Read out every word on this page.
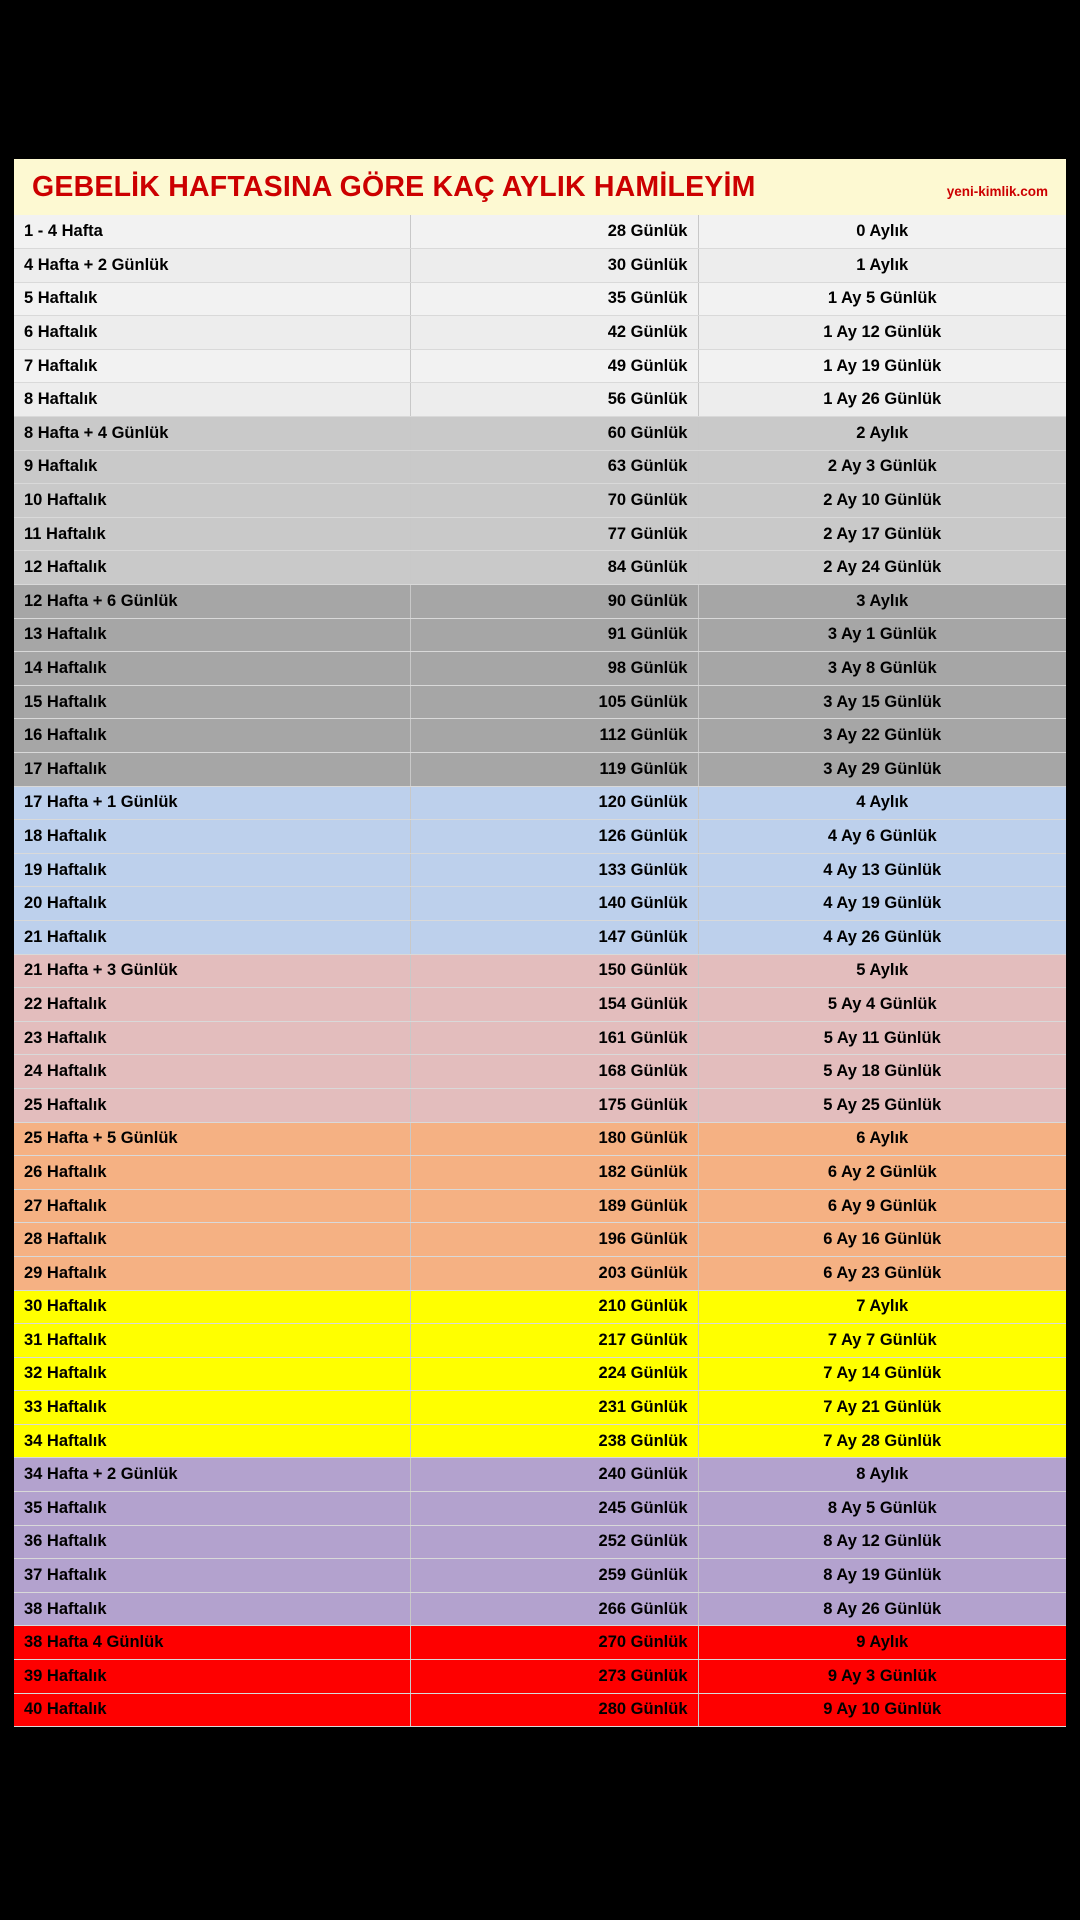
GEBELİK HAFTASINA GÖRE KAÇ AYLIK HAMİLEYİM	yeni-kimlik.com
1 - 4 Hafta	28 Günlük	0 Aylık
4 Hafta + 2 Günlük	30 Günlük	1 Aylık
5 Haftalık	35 Günlük	1 Ay 5 Günlük
6 Haftalık	42 Günlük	1 Ay 12 Günlük
7 Haftalık	49 Günlük	1 Ay 19 Günlük
8 Haftalık	56 Günlük	1 Ay 26 Günlük
8 Hafta + 4 Günlük	60 Günlük	2 Aylık
9 Haftalık	63 Günlük	2 Ay 3 Günlük
10 Haftalık	70 Günlük	2 Ay 10 Günlük
11 Haftalık	77 Günlük	2 Ay 17 Günlük
12 Haftalık	84 Günlük	2 Ay 24 Günlük
12 Hafta + 6 Günlük	90 Günlük	3 Aylık
13 Haftalık	91 Günlük	3 Ay 1 Günlük
14 Haftalık	98 Günlük	3 Ay 8 Günlük
15 Haftalık	105 Günlük	3 Ay 15 Günlük
16 Haftalık	112 Günlük	3 Ay 22 Günlük
17 Haftalık	119 Günlük	3 Ay 29 Günlük
17 Hafta + 1 Günlük	120 Günlük	4 Aylık
18 Haftalık	126 Günlük	4 Ay 6 Günlük
19 Haftalık	133 Günlük	4 Ay 13 Günlük
20 Haftalık	140 Günlük	4 Ay 19 Günlük
21 Haftalık	147 Günlük	4 Ay 26 Günlük
21 Hafta + 3 Günlük	150 Günlük	5 Aylık
22 Haftalık	154 Günlük	5 Ay 4 Günlük
23 Haftalık	161 Günlük	5 Ay 11 Günlük
24 Haftalık	168 Günlük	5 Ay 18 Günlük
25 Haftalık	175 Günlük	5 Ay 25 Günlük
25 Hafta + 5 Günlük	180 Günlük	6 Aylık
26 Haftalık	182 Günlük	6 Ay 2 Günlük
27 Haftalık	189 Günlük	6 Ay 9 Günlük
28 Haftalık	196 Günlük	6 Ay 16 Günlük
29 Haftalık	203 Günlük	6 Ay 23 Günlük
30 Haftalık	210 Günlük	7 Aylık
31 Haftalık	217 Günlük	7 Ay 7 Günlük
32 Haftalık	224 Günlük	7 Ay 14 Günlük
33 Haftalık	231 Günlük	7 Ay 21 Günlük
34 Haftalık	238 Günlük	7 Ay 28 Günlük
34 Hafta + 2 Günlük	240 Günlük	8 Aylık
35 Haftalık	245 Günlük	8 Ay 5 Günlük
36 Haftalık	252 Günlük	8 Ay 12 Günlük
37 Haftalık	259 Günlük	8 Ay 19 Günlük
38 Haftalık	266 Günlük	8 Ay 26 Günlük
38 Hafta 4 Günlük	270 Günlük	9 Aylık
39 Haftalık	273 Günlük	9 Ay 3 Günlük
40 Haftalık	280 Günlük	9 Ay 10 Günlük
